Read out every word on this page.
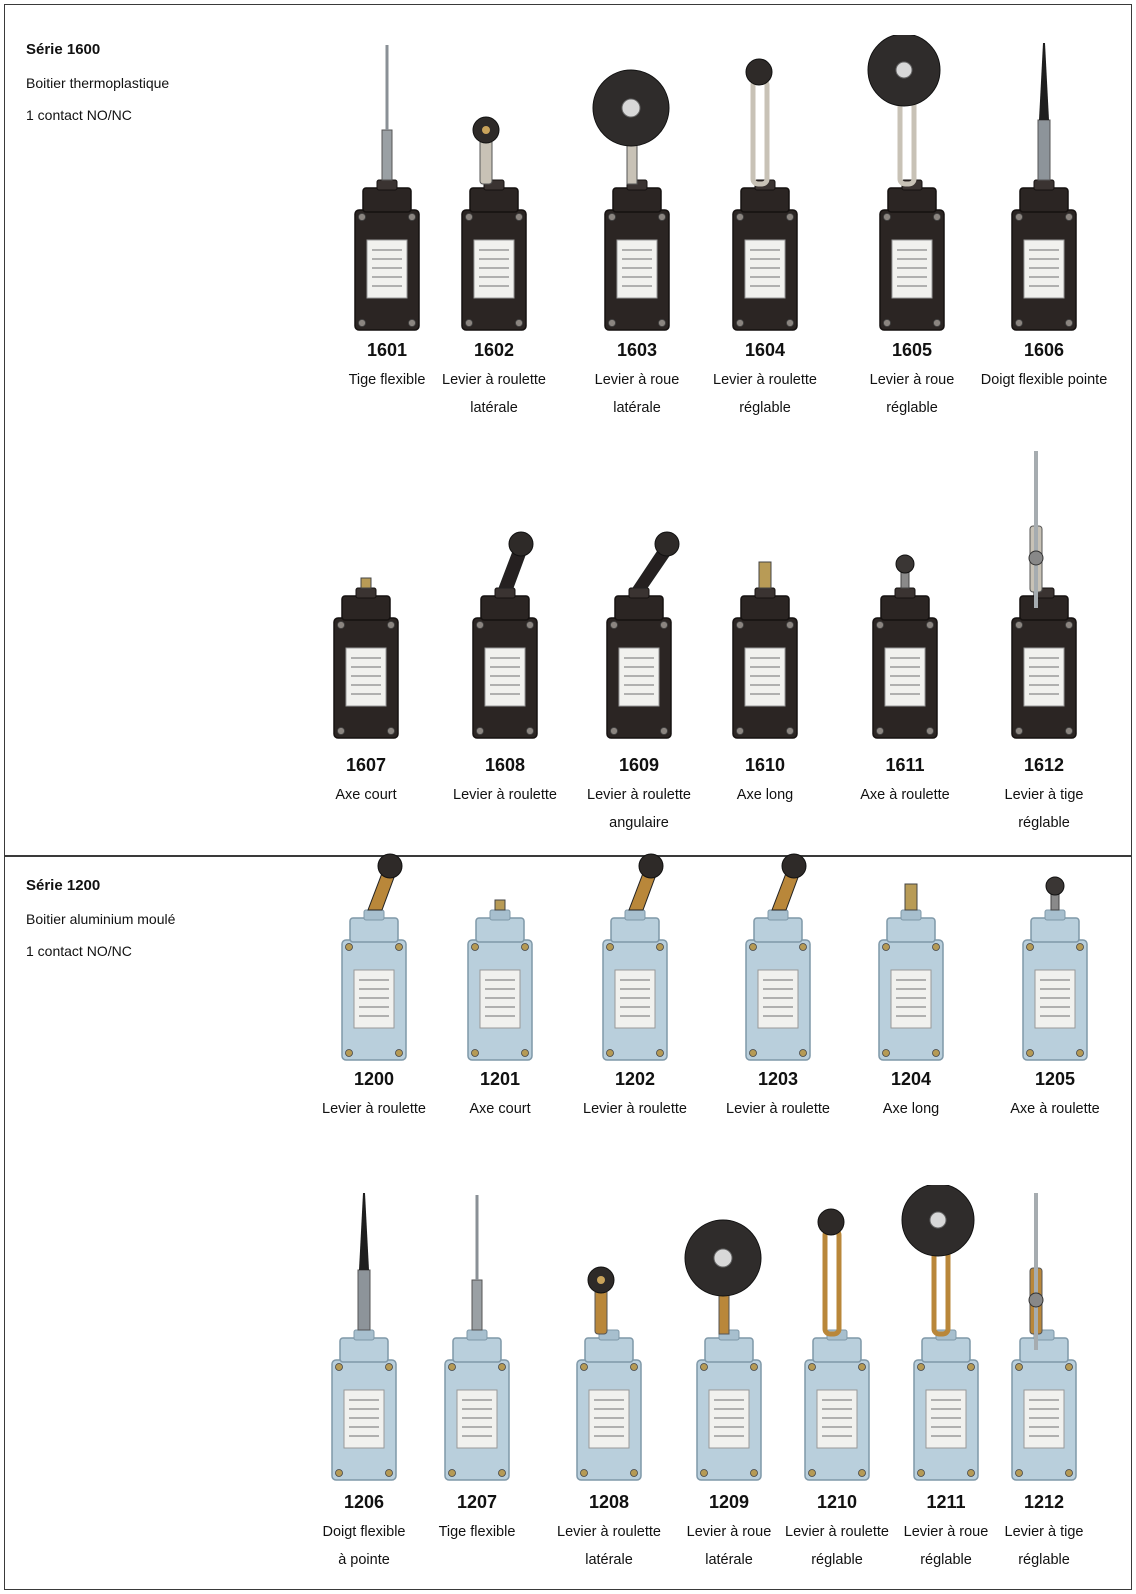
Série 1600
Boitier thermoplastique
1 contact NO/NC
Série 1200
Boitier aluminium moulé
1 contact NO/NC
1601
Tige flexible
1602
Levier à roulette
latérale
1603
Levier à roue
latérale
1604
Levier à roulette
réglable
1605
Levier à roue
réglable
1606
Doigt flexible pointe
1607
Axe court
1608
Levier à roulette
1609
Levier à roulette
angulaire
1610
Axe long
1611
Axe à roulette
1612
Levier à tige réglable
1200
Levier à roulette
1201
Axe court
1202
Levier à roulette
1203
Levier à roulette
1204
Axe long
1205
Axe à roulette
1206
Doigt flexible
à pointe
1207
Tige flexible
1208
Levier à roulette
latérale
1209
Levier à roue
latérale
1210
Levier à roulette
réglable
1211
Levier à roue
réglable
1212
Levier à tige
réglable
